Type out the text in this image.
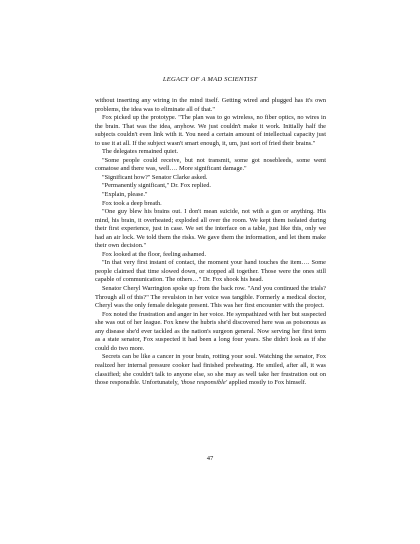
LEGACY OF A MAD SCIENTIST

without inserting any wiring in the mind itself. Getting wired and plugged has it's own problems, the idea was to eliminate all of that."

Fox picked up the prototype. "The plan was to go wireless, no fiber optics, no wires in the brain. That was the idea, anyhow. We just couldn't make it work. Initially half the subjects couldn't even link with it. You need a certain amount of intellectual capacity just to use it at all. If the subject wasn't smart enough, it, um, just sort of fried their brains."

The delegates remained quiet.

"Some people could receive, but not transmit, some got nosebleeds, some went comatose and there was, well…. More significant damage."

"Significant how?" Senator Clarke asked.

"Permanently significant," Dr. Fox replied.

"Explain, please."

Fox took a deep breath.

"One guy blew his brains out. I don't mean suicide, not with a gun or anything. His mind, his brain, it overheated; exploded all over the room. We kept them isolated during their first experience, just in case. We set the interface on a table, just like this, only we had an air lock. We told them the risks. We gave them the information, and let them make their own decision."

Fox looked at the floor, feeling ashamed.

"In that very first instant of contact, the moment your hand touches the item…. Some people claimed that time slowed down, or stopped all together. Those were the ones still capable of communication. The others…" Dr. Fox shook his head.

Senator Cheryl Warrington spoke up from the back row. "And you continued the trials? Through all of this?" The revulsion in her voice was tangible. Formerly a medical doctor, Cheryl was the only female delegate present. This was her first encounter with the project.

Fox noted the frustration and anger in her voice. He sympathized with her but suspected she was out of her league. Fox knew the hubris she'd discovered here was as poisonous as any disease she'd ever tackled as the nation's surgeon general. Now serving her first term as a state senator, Fox suspected it had been a long four years. She didn't look as if she could do two more.

Secrets can be like a cancer in your brain, rotting your soul. Watching the senator, Fox realized her internal pressure cooker had finished preheating. He smiled, after all, it was classified; she couldn't talk to anyone else, so she may as well take her frustration out on those responsible. Unfortunately, 'those responsible' applied mostly to Fox himself.

47
